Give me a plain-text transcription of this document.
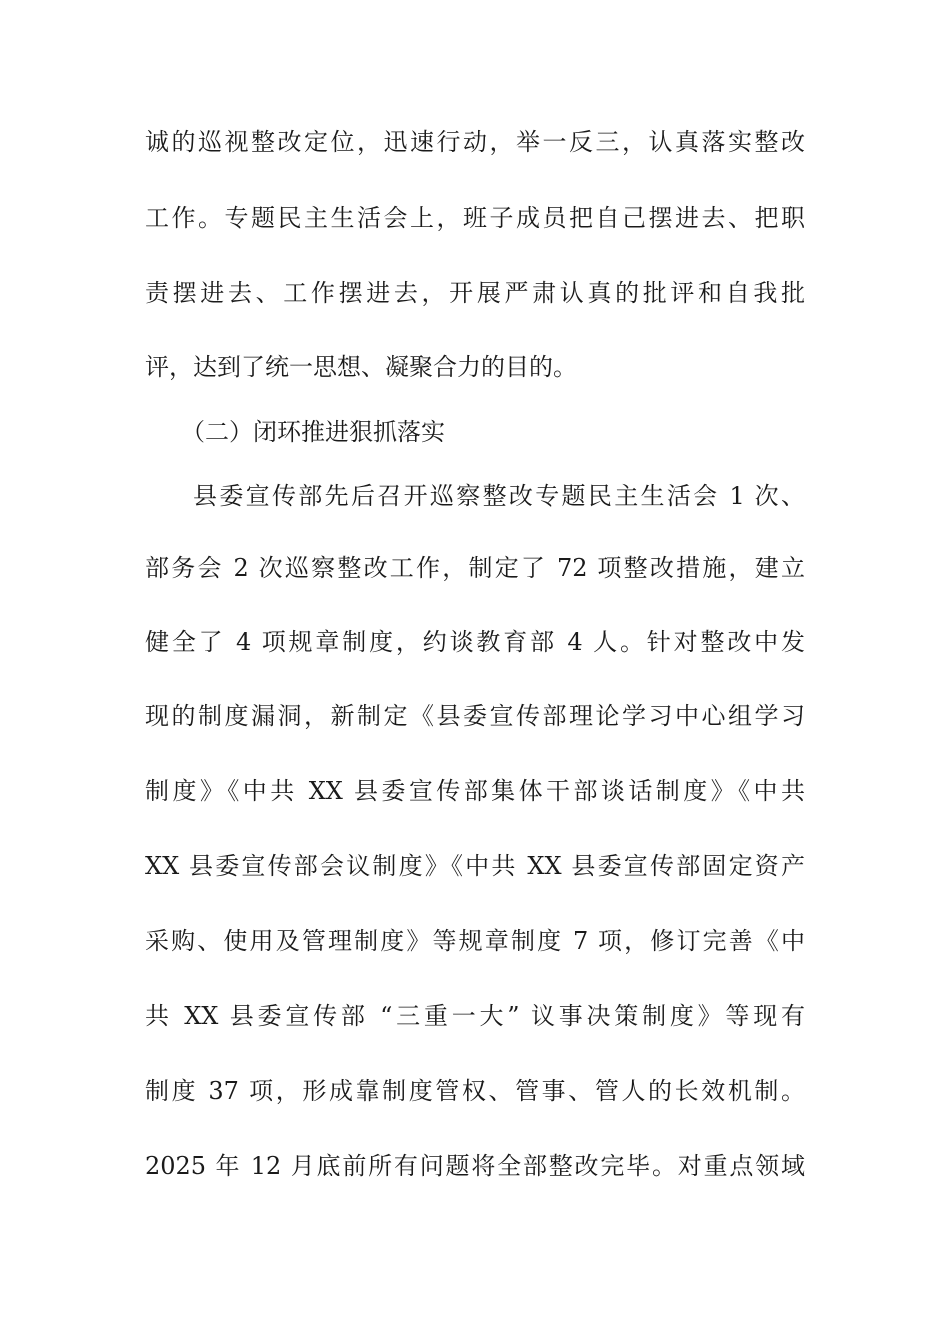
诚的巡视整改定位，迅速行动，举一反三，认真落实整改
工作。专题民主生活会上，班子成员把自己摆进去、把职
责摆进去、工作摆进去，开展严肃认真的批评和自我批
评，达到了统一思想、凝聚合力的目的。
（二）闭环推进狠抓落实
县委宣传部先后召开巡察整改专题民主生活会 1 次、
部务会 2 次巡察整改工作，制定了 72 项整改措施，建立
健全了 4 项规章制度，约谈教育部 4 人。针对整改中发
现的制度漏洞，新制定《县委宣传部理论学习中心组学习
制度》《中共 XX 县委宣传部集体干部谈话制度》《中共
XX 县委宣传部会议制度》《中共 XX 县委宣传部固定资产
采购、使用及管理制度》等规章制度 7 项，修订完善《中
共 XX 县委宣传部 “三重一大” 议事决策制度》等现有
制度 37 项，形成靠制度管权、管事、管人的长效机制。
2025 年 12 月底前所有问题将全部整改完毕。对重点领域
